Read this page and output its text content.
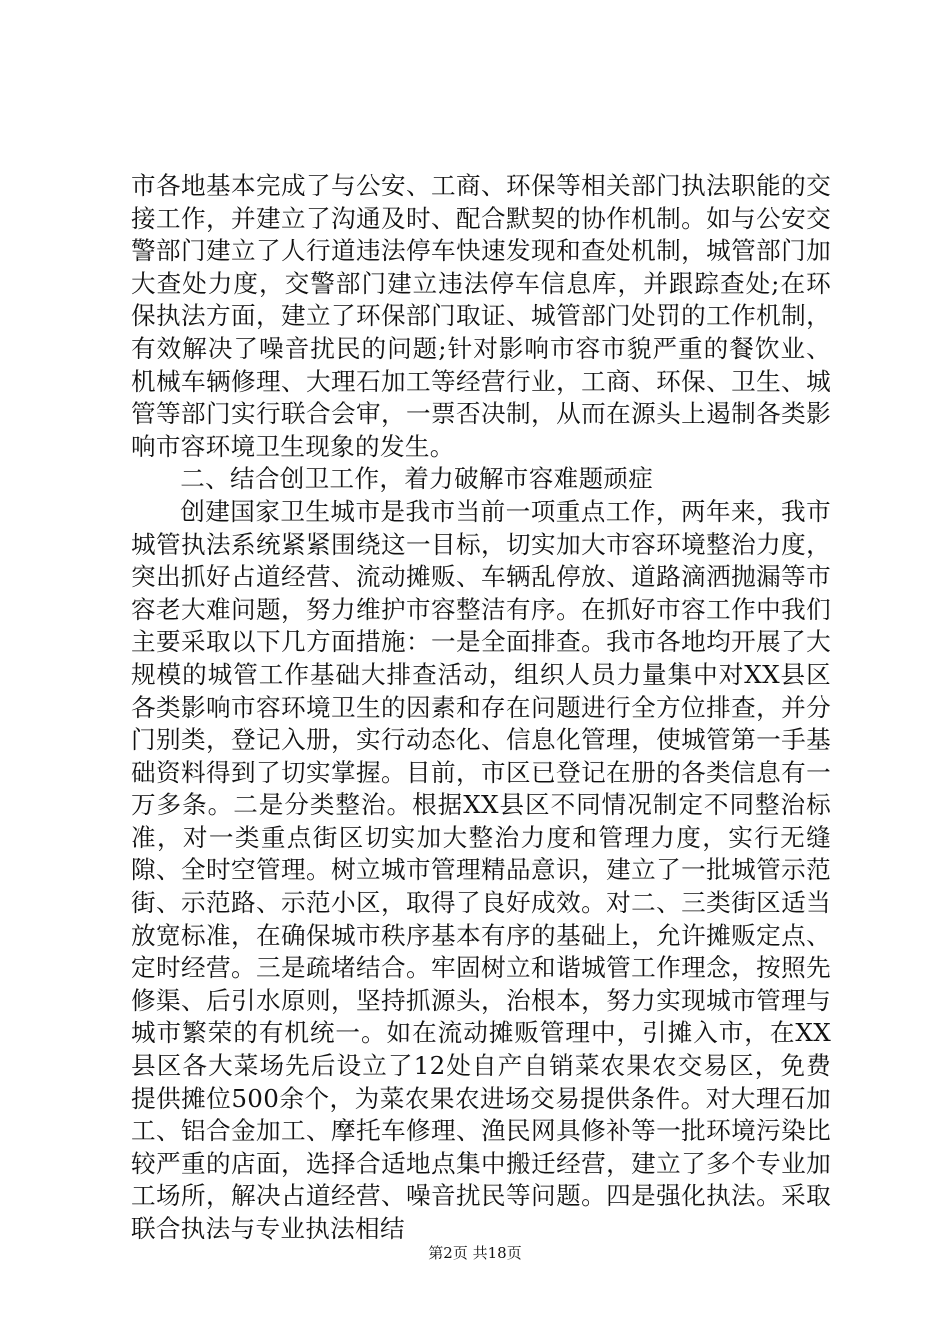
市各地基本完成了与公安、工商、环保等相关部门执法职能的交接工作，并建立了沟通及时、配合默契的协作机制。如与公安交警部门建立了人行道违法停车快速发现和查处机制，城管部门加大查处力度，交警部门建立违法停车信息库，并跟踪查处;在环保执法方面，建立了环保部门取证、城管部门处罚的工作机制，有效解决了噪音扰民的问题;针对影响市容市貌严重的餐饮业、机械车辆修理、大理石加工等经营行业，工商、环保、卫生、城管等部门实行联合会审，一票否决制，从而在源头上遏制各类影响市容环境卫生现象的发生。

二、结合创卫工作，着力破解市容难题顽症

创建国家卫生城市是我市当前一项重点工作，两年来，我市城管执法系统紧紧围绕这一目标，切实加大市容环境整治力度，突出抓好占道经营、流动摊贩、车辆乱停放、道路滴洒抛漏等市容老大难问题，努力维护市容整洁有序。在抓好市容工作中我们主要采取以下几方面措施：一是全面排查。我市各地均开展了大规模的城管工作基础大排查活动，组织人员力量集中对XX县区各类影响市容环境卫生的因素和存在问题进行全方位排查，并分门别类，登记入册，实行动态化、信息化管理，使城管第一手基础资料得到了切实掌握。目前，市区已登记在册的各类信息有一万多条。二是分类整治。根据XX县区不同情况制定不同整治标准，对一类重点街区切实加大整治力度和管理力度，实行无缝隙、全时空管理。树立城市管理精品意识，建立了一批城管示范街、示范路、示范小区，取得了良好成效。对二、三类街区适当放宽标准，在确保城市秩序基本有序的基础上，允许摊贩定点、定时经营。三是疏堵结合。牢固树立和谐城管工作理念，按照先修渠、后引水原则，坚持抓源头，治根本，努力实现城市管理与城市繁荣的有机统一。如在流动摊贩管理中，引摊入市，在XX县区各大菜场先后设立了12处自产自销菜农果农交易区，免费提供摊位500余个，为菜农果农进场交易提供条件。对大理石加工、铝合金加工、摩托车修理、渔民网具修补等一批环境污染比较严重的店面，选择合适地点集中搬迁经营，建立了多个专业加工场所，解决占道经营、噪音扰民等问题。四是强化执法。采取联合执法与专业执法相结

第2页 共18页
